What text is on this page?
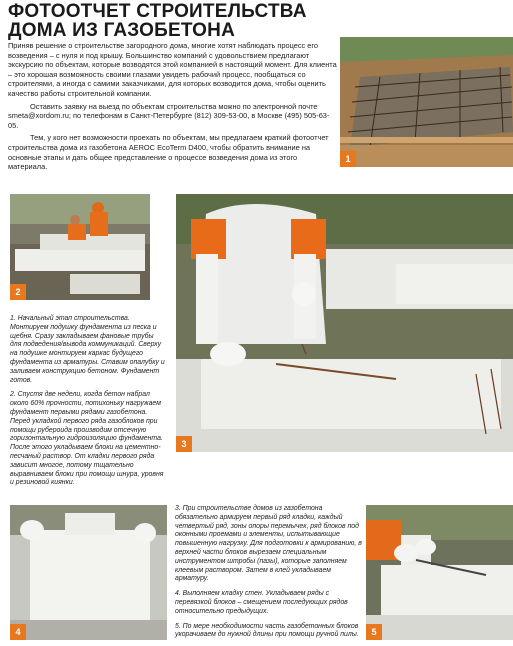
ФОТООТЧЕТ СТРОИТЕЛЬСТВА ДОМА ИЗ ГАЗОБЕТОНА

Приняв решение о строительстве загородного дома, многие хотят наблюдать процесс его возведения – с нуля и под крышу. Большинство компаний с удовольствием предлагают экскурсию по объектам, которые возводятся этой компанией в настоящий момент. Для клиента – это хорошая возможность своими глазами увидеть рабочий процесс, пообщаться со строителями, а иногда с самими заказчиками, для которых возводится дома, чтобы оценить качество работы строительной компании.

Оставить заявку на выезд по объектам строительства можно по электронной почте smeta@xordom.ru; по телефонам в Санкт-Петербурге (812) 309-53-00, в Москве (495) 505-63-05.

Тем, у кого нет возможности проехать по объектам, мы предлагаем краткий фотоотчет строительства дома из газобетона AEROC EcoTerm D400, чтобы обратить внимание на основные этапы и дать общее представление о процессе возведения дома из этого материала.

1
2
3
4	5

1. Начальный этап строительства. Монтируем подушку фундамента из песка и щебня. Сразу закладываем фановые трубы для подведения/вывода коммуникаций. Сверху на подушке монтируем каркас будущего фундамента из арматуры. Ставим опалубку и заливаем конструкцию бетоном. Фундамент готов.

2. Спустя две недели, когда бетон набрал около 60% прочности, потихоньку нагружаем фундамент первыми рядами газобетона. Перед укладкой первого ряда газоблоков при помощи рубероида производим отсечную горизонтальную гидроизоляцию фундамента. После этого укладываем блоки на цементно-песчаный раствор. От кладки первого ряда зависит многое, потому тщательно выравниваем блоки при помощи шнура, уровня и резиновой киянки.

3. При строительстве домов из газобетона обязательно армируем первый ряд кладки, каждый четвертый ряд, зоны опоры перемычек, ряд блоков под оконными проемами и элементы, испытывающие повышенную нагрузку. Для подготовки к армированию, в верхней части блоков вырезаем специальным инструментом штробы (пазы), которые заполняем клеевым раствором. Затем в клей укладываем арматуру.

4. Выполняем кладку стен. Укладываем ряды с перевязкой блоков – смещением последующих рядов относительно предыдущих.

5. По мере необходимости часть газобетонных блоков укорачиваем до нужной длины при помощи ручной пилы.
